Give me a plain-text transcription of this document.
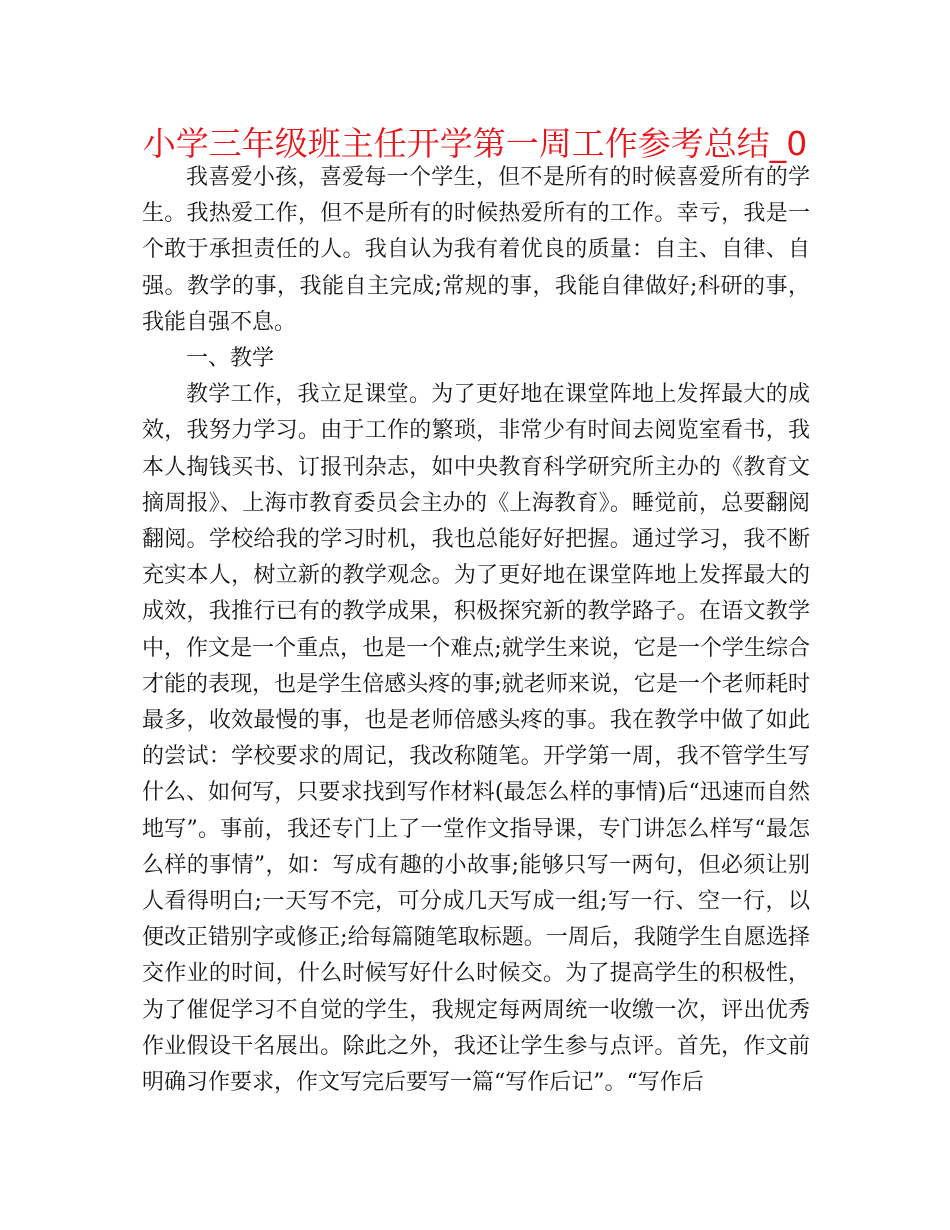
小学三年级班主任开学第一周工作参考总结_0

我喜爱小孩，喜爱每一个学生，但不是所有的时候喜爱所有的学生。我热爱工作，但不是所有的时候热爱所有的工作。幸亏，我是一个敢于承担责任的人。我自认为我有着优良的质量：自主、自律、自强。教学的事，我能自主完成;常规的事，我能自律做好;科研的事，我能自强不息。

一、教学

教学工作，我立足课堂。为了更好地在课堂阵地上发挥最大的成效，我努力学习。由于工作的繁琐，非常少有时间去阅览室看书，我本人掏钱买书、订报刊杂志，如中央教育科学研究所主办的《教育文摘周报》、上海市教育委员会主办的《上海教育》。睡觉前，总要翻阅翻阅。学校给我的学习时机，我也总能好好把握。通过学习，我不断充实本人，树立新的教学观念。为了更好地在课堂阵地上发挥最大的成效，我推行已有的教学成果，积极探究新的教学路子。在语文教学中，作文是一个重点，也是一个难点;就学生来说，它是一个学生综合才能的表现，也是学生倍感头疼的事;就老师来说，它是一个老师耗时最多，收效最慢的事，也是老师倍感头疼的事。我在教学中做了如此的尝试：学校要求的周记，我改称随笔。开学第一周，我不管学生写什么、如何写，只要求找到写作材料(最怎么样的事情)后“迅速而自然地写”。事前，我还专门上了一堂作文指导课，专门讲怎么样写“最怎么样的事情”，如：写成有趣的小故事;能够只写一两句，但必须让别人看得明白;一天写不完，可分成几天写成一组;写一行、空一行，以便改正错别字或修正;给每篇随笔取标题。一周后，我随学生自愿选择交作业的时间，什么时候写好什么时候交。为了提高学生的积极性，为了催促学习不自觉的学生，我规定每两周统一收缴一次，评出优秀作业假设干名展出。除此之外，我还让学生参与点评。首先，作文前明确习作要求，作文写完后要写一篇“写作后记”。“写作后
